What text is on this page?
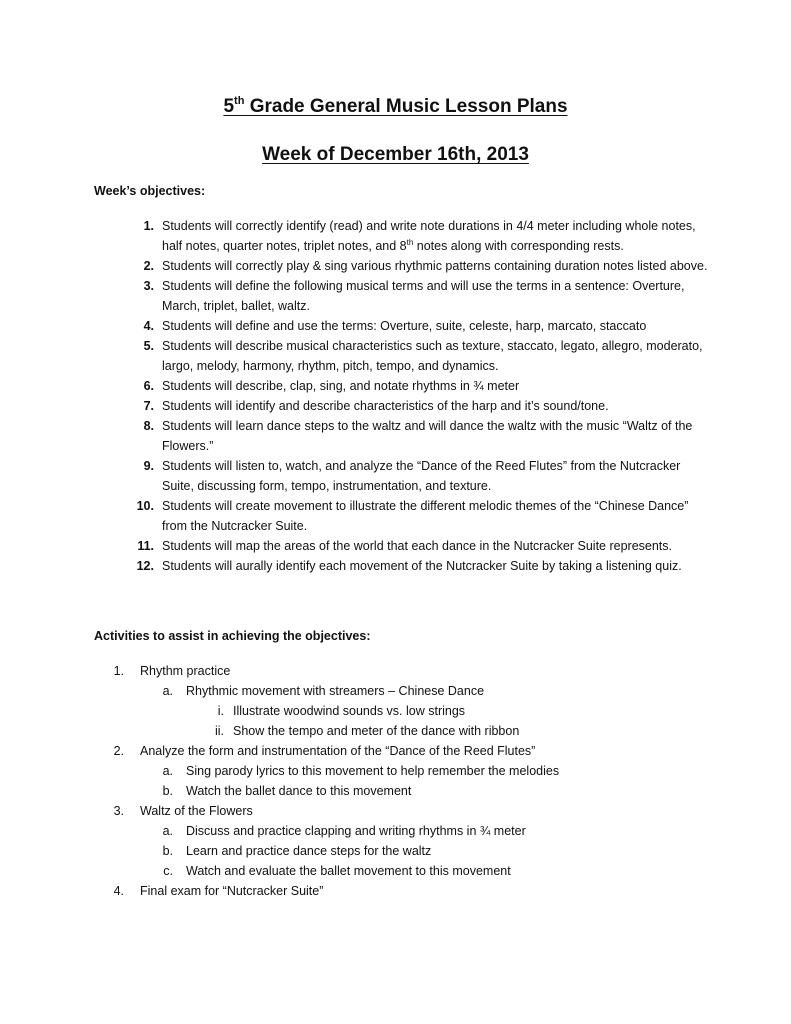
5th Grade General Music Lesson Plans
Week of December 16th, 2013
Week’s objectives:
1. Students will correctly identify (read) and write note durations in 4/4 meter including whole notes, half notes, quarter notes, triplet notes, and 8th notes along with corresponding rests.
2. Students will correctly play & sing various rhythmic patterns containing duration notes listed above.
3. Students will define the following musical terms and will use the terms in a sentence: Overture, March, triplet, ballet, waltz.
4. Students will define and use the terms: Overture, suite, celeste, harp, marcato, staccato
5. Students will describe musical characteristics such as texture, staccato, legato, allegro, moderato, largo, melody, harmony, rhythm, pitch, tempo, and dynamics.
6. Students will describe, clap, sing, and notate rhythms in ¾ meter
7. Students will identify and describe characteristics of the harp and it’s sound/tone.
8. Students will learn dance steps to the waltz and will dance the waltz with the music “Waltz of the Flowers.”
9. Students will listen to, watch, and analyze the “Dance of the Reed Flutes” from the Nutcracker Suite, discussing form, tempo, instrumentation, and texture.
10. Students will create movement to illustrate the different melodic themes of the “Chinese Dance” from the Nutcracker Suite.
11. Students will map the areas of the world that each dance in the Nutcracker Suite represents.
12. Students will aurally identify each movement of the Nutcracker Suite by taking a listening quiz.
Activities to assist in achieving the objectives:
1. Rhythm practice
a. Rhythmic movement with streamers – Chinese Dance
i. Illustrate woodwind sounds vs. low strings
ii. Show the tempo and meter of the dance with ribbon
2. Analyze the form and instrumentation of the “Dance of the Reed Flutes”
a. Sing parody lyrics to this movement to help remember the melodies
b. Watch the ballet dance to this movement
3. Waltz of the Flowers
a. Discuss and practice clapping and writing rhythms in ¾ meter
b. Learn and practice dance steps for the waltz
c. Watch and evaluate the ballet movement to this movement
4. Final exam for “Nutcracker Suite”
